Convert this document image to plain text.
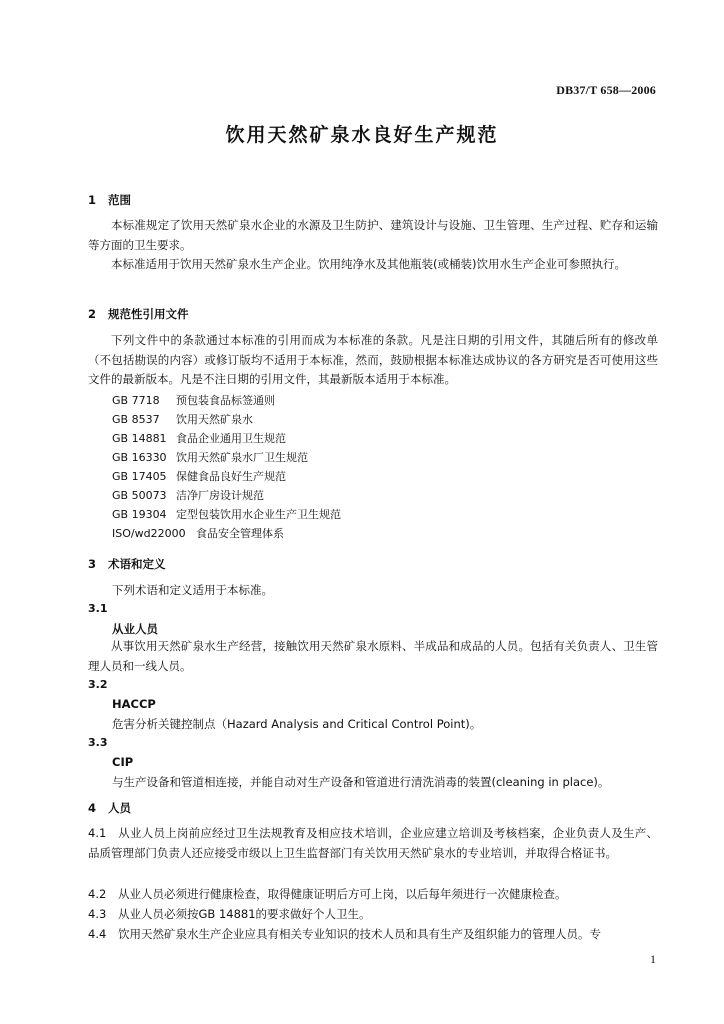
DB37/T 658—2006
饮用天然矿泉水良好生产规范
1 范围
本标准规定了饮用天然矿泉水企业的水源及卫生防护、建筑设计与设施、卫生管理、生产过程、贮存和运输等方面的卫生要求。
本标准适用于饮用天然矿泉水生产企业。饮用纯净水及其他瓶装(或桶装)饮用水生产企业可参照执行。
2 规范性引用文件
下列文件中的条款通过本标准的引用而成为本标准的条款。凡是注日期的引用文件，其随后所有的修改单（不包括勘误的内容）或修订版均不适用于本标准，然而，鼓励根据本标准达成协议的各方研究是否可使用这些文件的最新版本。凡是不注日期的引用文件，其最新版本适用于本标准。
GB 7718 预包装食品标签通则
GB 8537 饮用天然矿泉水
GB 14881 食品企业通用卫生规范
GB 16330 饮用天然矿泉水厂卫生规范
GB 17405 保健食品良好生产规范
GB 50073 洁净厂房设计规范
GB 19304 定型包装饮用水企业生产卫生规范
ISO/wd22000 食品安全管理体系
3 术语和定义
下列术语和定义适用于本标准。
3.1
从业人员
从事饮用天然矿泉水生产经营，接触饮用天然矿泉水原料、半成品和成品的人员。包括有关负责人、卫生管理人员和一线人员。
3.2
HACCP
危害分析关键控制点（Hazard Analysis and Critical Control Point)。
3.3
CIP
与生产设备和管道相连接，并能自动对生产设备和管道进行清洗消毒的装置(cleaning in place)。
4 人员
4.1 从业人员上岗前应经过卫生法规教育及相应技术培训，企业应建立培训及考核档案，企业负责人及生产、品质管理部门负责人还应接受市级以上卫生监督部门有关饮用天然矿泉水的专业培训，并取得合格证书。
4.2 从业人员必须进行健康检查，取得健康证明后方可上岗，以后每年须进行一次健康检查。
4.3 从业人员必须按GB 14881的要求做好个人卫生。
4.4 饮用天然矿泉水生产企业应具有相关专业知识的技术人员和具有生产及组织能力的管理人员。专
1
